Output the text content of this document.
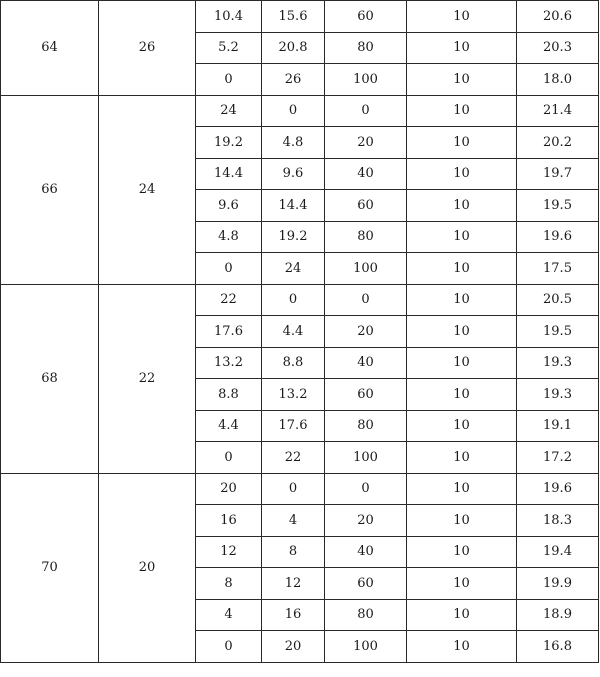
64	26	10.4	15.6	60	10	20.6
		5.2	20.8	80	10	20.3
		0	26	100	10	18.0
66	24	24	0	0	10	21.4
		19.2	4.8	20	10	20.2
		14.4	9.6	40	10	19.7
		9.6	14.4	60	10	19.5
		4.8	19.2	80	10	19.6
		0	24	100	10	17.5
68	22	22	0	0	10	20.5
		17.6	4.4	20	10	19.5
		13.2	8.8	40	10	19.3
		8.8	13.2	60	10	19.3
		4.4	17.6	80	10	19.1
		0	22	100	10	17.2
70	20	20	0	0	10	19.6
		16	4	20	10	18.3
		12	8	40	10	19.4
		8	12	60	10	19.9
		4	16	80	10	18.9
		0	20	100	10	16.8
